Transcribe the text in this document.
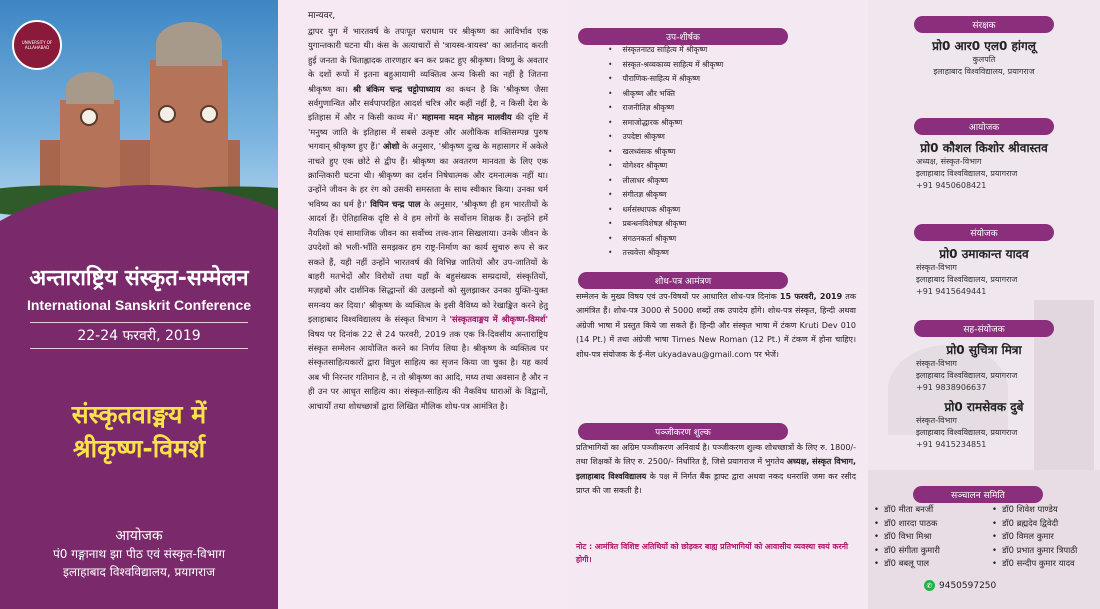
UNIVERSITY OF ALLAHABAD
अन्ताराष्ट्रिय संस्कृत-सम्मेलन
International Sanskrit Conference
22-24 फरवरी, 2019
संस्कृतवाङ्मय में
श्रीकृष्ण-विमर्श
आयोजक
पं0 गङ्गानाथ झा पीठ एवं संस्कृत-विभाग
इलाहाबाद विश्वविद्यालय, प्रयागराज
मान्यवर,
द्वापर युग में भारतवर्ष के तपःपूत धराधाम पर श्रीकृष्ण का आविर्भाव एक युगान्तकारी घटना थी। कंस के अत्याचारों से 'त्रायस्व-त्रायस्व' का आर्तनाद करती हुई जनता के चिताह्लादक तारणहार बन कर प्रकट हुए श्रीकृष्ण। विष्णु के अवतार के दशों रूपों में इतना बहुआयामी व्यक्तित्व अन्य किसी का नहीं है जितना श्रीकृष्ण का। श्री बंकिम चन्द्र चट्टोपाध्याय का कथन है कि 'श्रीकृष्ण जैसा सर्वगुणान्वित और सर्वपापरहित आदर्श चरित्र और कहीं नहीं है, न किसी देश के इतिहास में और न किसी काव्य में।' महामना मदन मोहन मालवीय की दृष्टि में 'मनुष्य जाति के इतिहास में सबसे उत्कृष्ट और अलौकिक शक्तिसम्पन्न पुरुष भगवान् श्रीकृष्ण हुए हैं।' ओशो के अनुसार, 'श्रीकृष्ण दुःख के महासागर में अकेले नाचते हुए एक छोटे से द्वीप हैं। श्रीकृष्ण का अवतरण मानवता के लिए एक क्रान्तिकारी घटना थी। श्रीकृष्ण का दर्शन निषेधात्मक और दमनात्मक नहीं था। उन्होंने जीवन के हर रंग को उसकी समस्तता के साथ स्वीकार किया। उनका धर्म भविष्य का धर्म है।' विपिन चन्द्र पाल के अनुसार, 'श्रीकृष्ण ही हम भारतीयों के आदर्श हैं। ऐतिहासिक दृष्टि से वे हम लोगों के सर्वोत्तम शिक्षक हैं। उन्होंने हमें नैयतिक एवं सामाजिक जीवन का सर्वोच्च तत्त्व-ज्ञान सिखलाया। उनके जीवन के उपदेशों को भली-भाँति समझकर हम राष्ट्र-निर्माण का कार्य सुचारु रूप से कर सकते हैं, यही नहीं उन्होंने भारतवर्ष की विभिन्न जातियों और उप-जातियों के बाहरी मतभेदों और विरोधों तथा यहाँ के बहुसंख्यक सम्प्रदायों, संस्कृतियों, मज़हबों और दार्शनिक सिद्धान्तों की उलझनों को सुलझाकर उनका युक्ति-युक्त समन्वय कर दिया।' श्रीकृष्ण के व्यक्तित्व के इसी वैविध्य को रेखाङ्कित करने हेतु इलाहाबाद विश्वविद्यालय के संस्कृत विभाग ने 'संस्कृतवाङ्मय में श्रीकृष्ण-विमर्श' विषय पर दिनांक 22 से 24 फरवरी, 2019 तक एक त्रि-दिवसीय अन्ताराष्ट्रिय संस्कृत सम्मेलन आयोजित करने का निर्णय लिया है। श्रीकृष्ण के व्यक्तित्व पर संस्कृतसाहित्यकारों द्वारा विपुल साहित्य का सृजन किया जा चुका है। यह कार्य अब भी निरन्तर गतिमान है, न तो श्रीकृष्ण का आदि, मध्य तथा अवसान है और न ही उन पर आधृत साहित्य का। संस्कृत-साहित्य की नैकविध धाराओं के विद्वानों, आचार्यों तथा शोधच्छात्रों द्वारा लिखित मौलिक शोध-पत्र आमंत्रित है।
उप-शीर्षक
• संस्कृतनाट्य साहित्य में श्रीकृष्ण
• संस्कृत-श्रव्यकाव्य साहित्य में श्रीकृष्ण
• पौराणिक-साहित्य में श्रीकृष्ण
• श्रीकृष्ण और भक्ति
• राजनीतिज्ञ श्रीकृष्ण
• समाजोद्धारक श्रीकृष्ण
• उपदेष्टा श्रीकृष्ण
• खलध्वंसक श्रीकृष्ण
• योगेश्वर श्रीकृष्ण
• लीलाधर श्रीकृष्ण
• संगीतज्ञ श्रीकृष्ण
• धर्मसंस्थापक श्रीकृष्ण
• प्रबन्धनविशेषज्ञ श्रीकृष्ण
• संगठनकर्ता श्रीकृष्ण
• तत्त्ववेत्ता श्रीकृष्ण
शोध-पत्र आमंत्रण
सम्मेलन के मुख्य विषय एवं उप-विषयों पर आधारित शोध-पत्र दिनांक 15 फरवरी, 2019 तक आमंत्रित हैं। शोध-पत्र 3000 से 5000 शब्दों तक उपादेय होंगे। शोध-पत्र संस्कृत, हिन्दी अथवा अंग्रेजी भाषा में प्रस्तुत किये जा सकते हैं। हिन्दी और संस्कृत भाषा में टंकण Kruti Dev 010 (14 Pt.) में तथा अंग्रेजी भाषा Times New Roman (12 Pt.) में टंकण में होना चाहिए। शोध-पत्र संयोजक के ई-मेल ukyadavau@gmail.com पर भेजें।
पञ्जीकरण शुल्क
प्रतिभागियों का अग्रिम पञ्जीकरण अनिवार्य है। पञ्जीकरण शुल्क शोधच्छात्रों के लिए रु. 1800/- तथा शिक्षकों के लिए रु. 2500/- निर्धारित है, जिसे प्रयागराज में भुगतेय अध्यक्ष, संस्कृत विभाग, इलाहाबाद विश्वविद्यालय के पक्ष में निर्गत बैंक ड्राफ्ट द्वारा अथवा नकद धनराशि जमा कर रसीद प्राप्त की जा सकती है।
नोट : आमंत्रित विशिष्ट अतिथियों को छोड़कर बाह्य प्रतिभागियों को आवासीय व्यवस्था स्वयं करनी होगी।
संरक्षक
प्रो0 आर0 एल0 हांगलू
कुलपति
इलाहाबाद विश्वविद्यालय, प्रयागराज
आयोजक
प्रो0 कौशल किशोर श्रीवास्तव
अध्यक्ष, संस्कृत-विभाग
इलाहाबाद विश्वविद्यालय, प्रयागराज
+91 9450608421
संयोजक
प्रो0 उमाकान्त यादव
संस्कृत-विभाग
इलाहाबाद विश्वविद्यालय, प्रयागराज
+91 9415649441
सह-संयोजक
प्रो0 सुचित्रा मित्रा
संस्कृत-विभाग
इलाहाबाद विश्वविद्यालय, प्रयागराज
+91 9838906637
प्रो0 रामसेवक दुबे
संस्कृत-विभाग
इलाहाबाद विश्वविद्यालय, प्रयागराज
+91 9415234851
सञ्चालन समिति
• डॉ0 मीता बनर्जी	• डॉ0 शिवेश पाण्डेय
• डॉ0 शारदा पाठक	• डॉ0 ब्रह्मदेव द्विवेदी
• डॉ0 विभा मिश्रा	• डॉ0 विमल कुमार
• डॉ0 संगीता कुमारी	• डॉ0 प्रभात कुमार त्रिपाठी
• डॉ0 बबलू पाल	• डॉ0 सन्दीप कुमार यादव
✆ 9450597250
